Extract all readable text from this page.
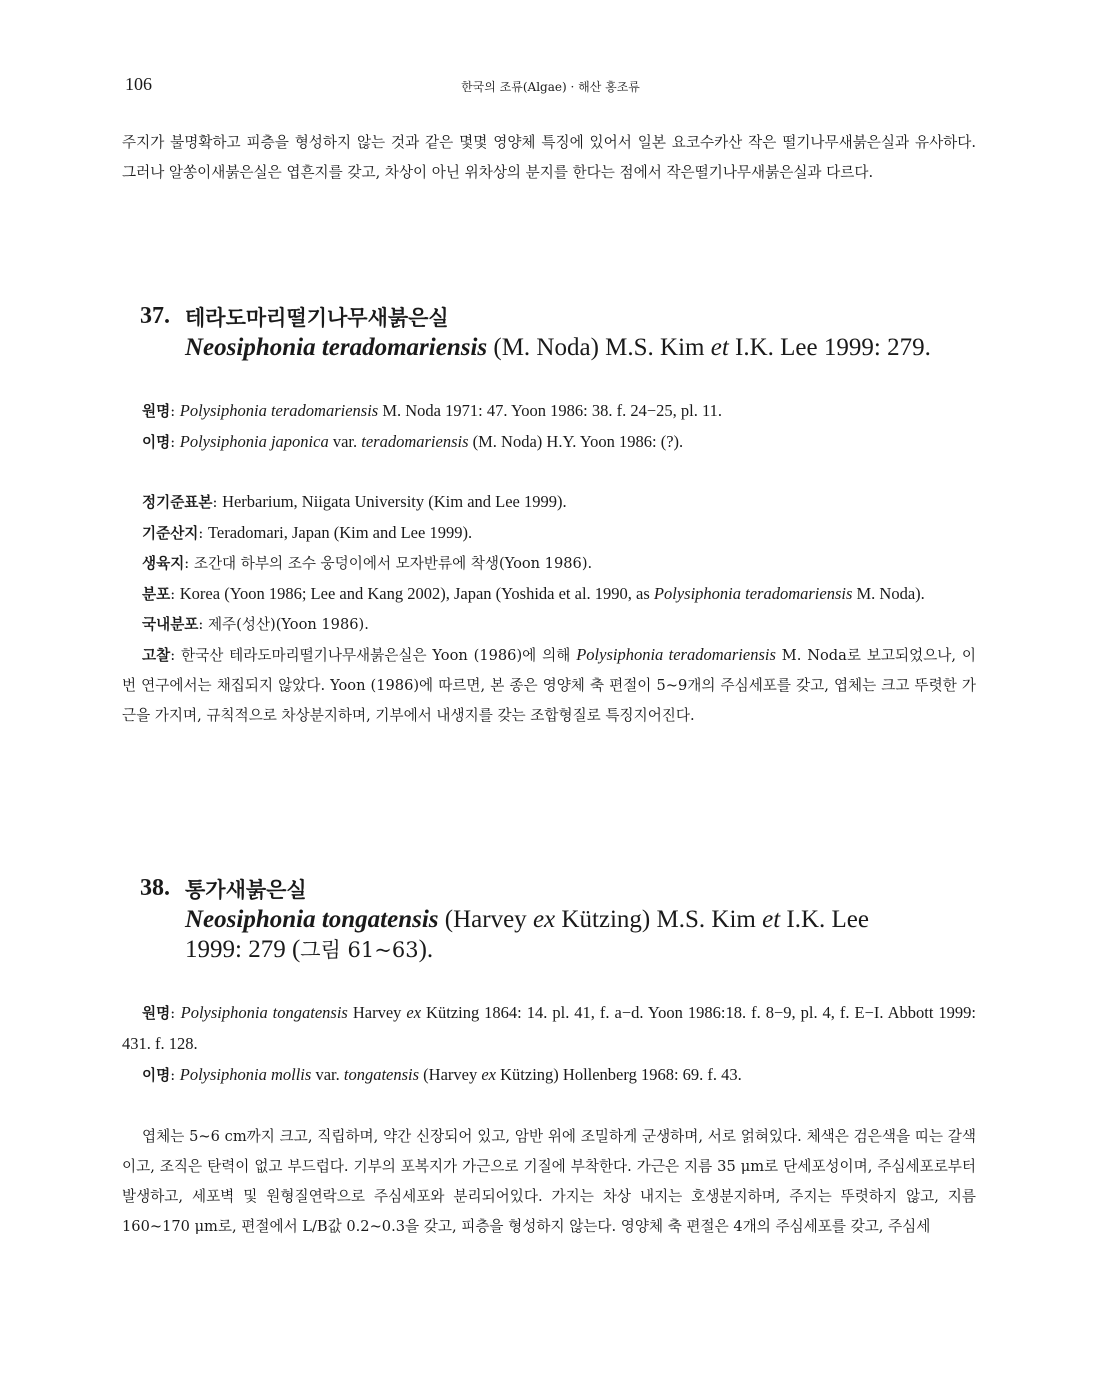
106	한국의 조류(Algae) · 해산 홍조류
주지가 불명확하고 피층을 형성하지 않는 것과 같은 몇몇 영양체 특징에 있어서 일본 요코수카산 작은 떨기나무새붉은실과 유사하다. 그러나 알쏭이새붉은실은 엽흔지를 갖고, 차상이 아닌 위차상의 분지를 한다는 점에서 작은떨기나무새붉은실과 다르다.
37. 테라도마리떨기나무새붉은실
Neosiphonia teradomariensis (M. Noda) M.S. Kim et I.K. Lee 1999: 279.
원명: Polysiphonia teradomariensis M. Noda 1971: 47. Yoon 1986: 38. f. 24−25, pl. 11.
이명: Polysiphonia japonica var. teradomariensis (M. Noda) H.Y. Yoon 1986: (?).
정기준표본: Herbarium, Niigata University (Kim and Lee 1999).
기준산지: Teradomari, Japan (Kim and Lee 1999).
생육지: 조간대 하부의 조수 웅덩이에서 모자반류에 착생(Yoon 1986).
분포: Korea (Yoon 1986; Lee and Kang 2002), Japan (Yoshida et al. 1990, as Polysiphonia teradomariensis M. Noda).
국내분포: 제주(성산)(Yoon 1986).
고찰: 한국산 테라도마리떨기나무새붉은실은 Yoon (1986)에 의해 Polysiphonia teradomariensis M. Noda로 보고되었으나, 이번 연구에서는 채집되지 않았다. Yoon (1986)에 따르면, 본 종은 영양체 축 편절이 5~9개의 주심세포를 갖고, 엽체는 크고 뚜렷한 가근을 가지며, 규칙적으로 차상분지하며, 기부에서 내생지를 갖는 조합형질로 특징지어진다.
38. 통가새붉은실
Neosiphonia tongatensis (Harvey ex Kützing) M.S. Kim et I.K. Lee
1999: 279 (그림 61~63).
원명: Polysiphonia tongatensis Harvey ex Kützing 1864: 14. pl. 41, f. a−d. Yoon 1986:18. f. 8−9, pl. 4, f. E−I. Abbott 1999: 431. f. 128.
이명: Polysiphonia mollis var. tongatensis (Harvey ex Kützing) Hollenberg 1968: 69. f. 43.
엽체는 5~6 cm까지 크고, 직립하며, 약간 신장되어 있고, 암반 위에 조밀하게 군생하며, 서로 얽혀있다. 체색은 검은색을 띠는 갈색이고, 조직은 탄력이 없고 부드럽다. 기부의 포복지가 가근으로 기질에 부착한다. 가근은 지름 35 μm로 단세포성이며, 주심세포로부터 발생하고, 세포벽 및 원형질연락으로 주심세포와 분리되어있다. 가지는 차상 내지는 호생분지하며, 주지는 뚜렷하지 않고, 지름 160~170 μm로, 편절에서 L/B값 0.2~0.3을 갖고, 피층을 형성하지 않는다. 영양체 축 편절은 4개의 주심세포를 갖고, 주심세
